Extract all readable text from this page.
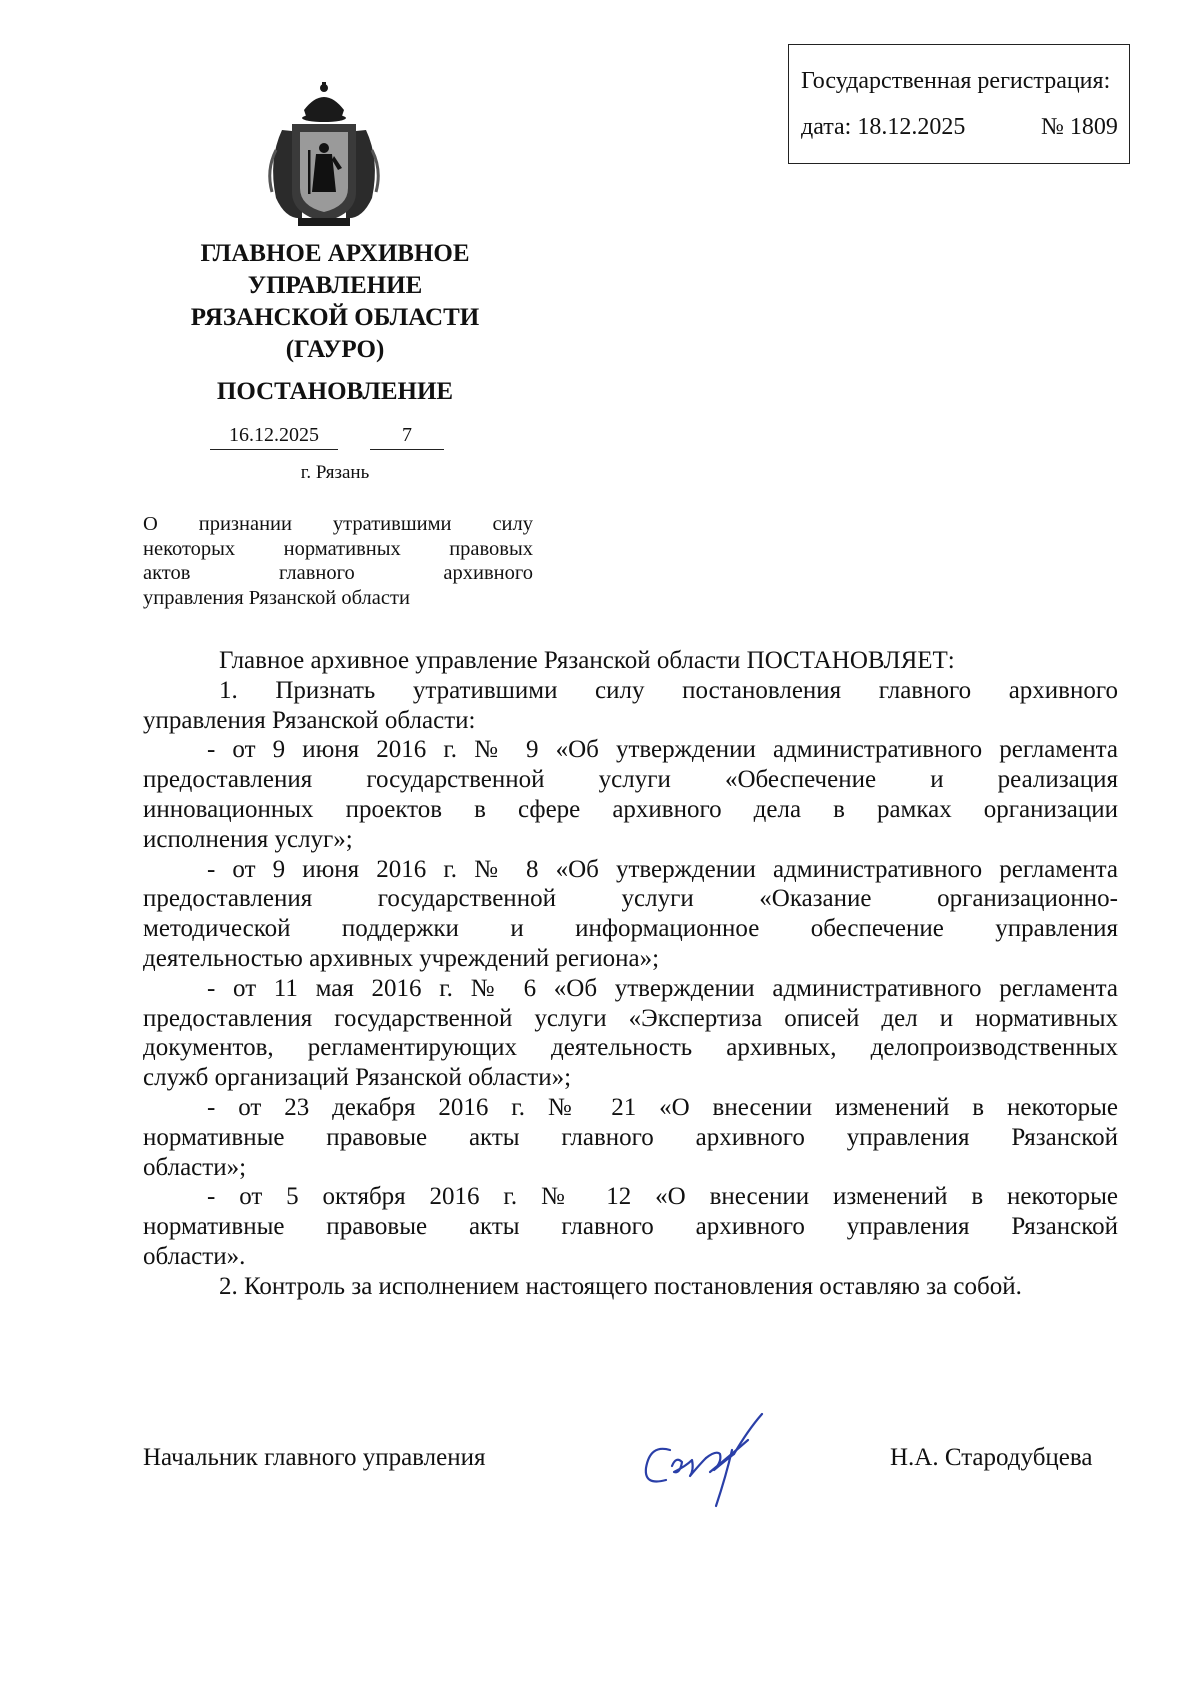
Государственная регистрация:
дата: 18.12.2025	№ 1809
ГЛАВНОЕ АРХИВНОЕ
УПРАВЛЕНИЕ
РЯЗАНСКОЙ ОБЛАСТИ
(ГАУРО)
ПОСТАНОВЛЕНИЕ
16.12.2025	7
г. Рязань
О признании утратившими силу
некоторых нормативных правовых
актов главного архивного
управления Рязанской области
Главное архивное управление Рязанской области ПОСТАНОВЛЯЕТ:
1. Признать утратившими силу постановления главного архивного
управления Рязанской области:
- от 9 июня 2016 г. № 9 «Об утверждении административного регламента
предоставления государственной услуги «Обеспечение и реализация
инновационных проектов в сфере архивного дела в рамках организации
исполнения услуг»;
- от 9 июня 2016 г. № 8 «Об утверждении административного регламента
предоставления государственной услуги «Оказание организационно-
методической поддержки и информационное обеспечение управления
деятельностью архивных учреждений региона»;
- от 11 мая 2016 г. № 6 «Об утверждении административного регламента
предоставления государственной услуги «Экспертиза описей дел и нормативных
документов, регламентирующих деятельность архивных, делопроизводственных
служб организаций Рязанской области»;
- от 23 декабря 2016 г. № 21 «О внесении изменений в некоторые
нормативные правовые акты главного архивного управления Рязанской
области»;
- от 5 октября 2016 г. № 12 «О внесении изменений в некоторые
нормативные правовые акты главного архивного управления Рязанской
области».
2. Контроль за исполнением настоящего постановления оставляю за собой.
Начальник главного управления	Н.А. Стародубцева
